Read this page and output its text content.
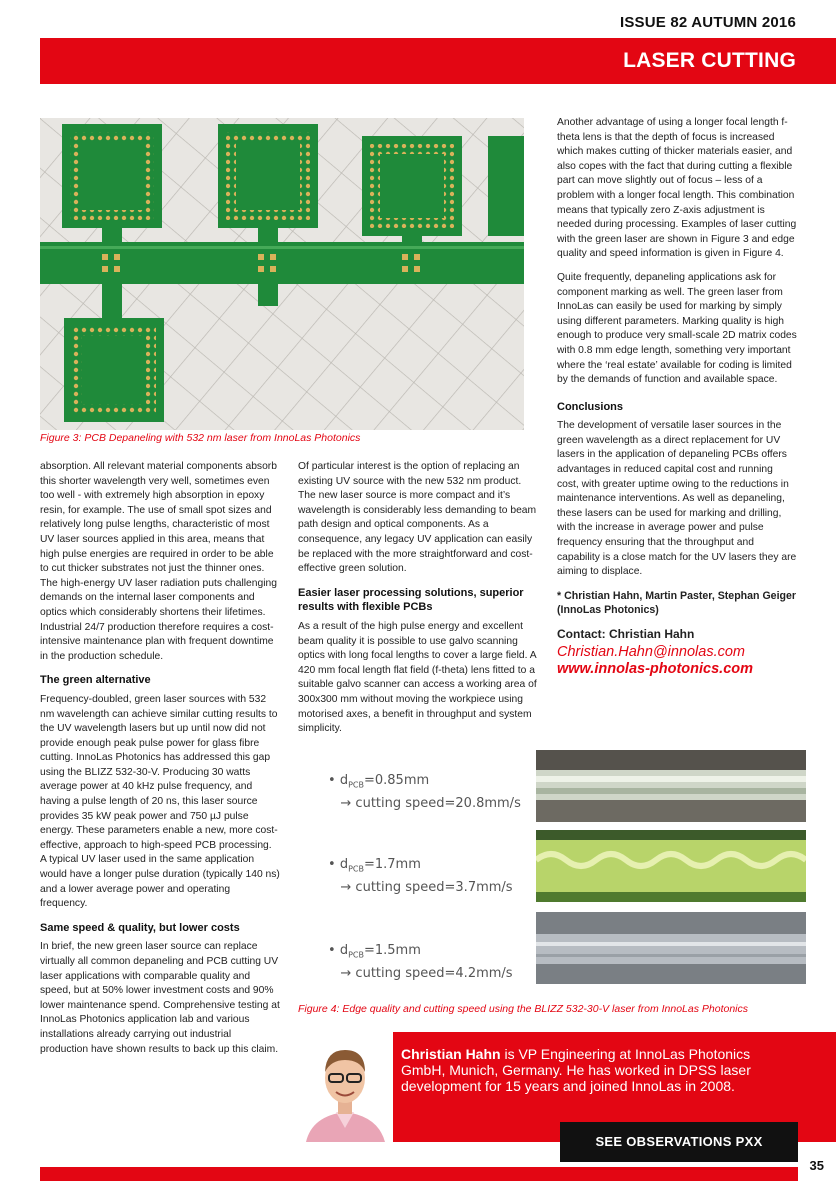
ISSUE 82 AUTUMN 2016
LASER CUTTING
Figure 3: PCB Depaneling with 532 nm laser from InnoLas Photonics

Another advantage of using a longer focal length f-theta lens is that the depth of focus is increased which makes cutting of thicker materials easier, and also copes with the fact that during cutting a flexible part can move slightly out of focus – less of a problem with a longer focal length. This combination means that typically zero Z-axis adjustment is needed during processing. Examples of laser cutting with the green laser are shown in Figure 3 and edge quality and speed information is given in Figure 4.

Quite frequently, depaneling applications ask for component marking as well. The green laser from InnoLas can easily be used for marking by simply using different parameters. Marking quality is high enough to produce very small-scale 2D matrix codes with 0.8 mm edge length, something very important where the ‘real estate’ available for coding is limited by the demands of function and available space.

Conclusions

The development of versatile laser sources in the green wavelength as a direct replacement for UV lasers in the application of depaneling PCBs offers advantages in reduced capital cost and running cost, with greater uptime owing to the reductions in maintenance interventions. As well as depaneling, these lasers can be used for marking and drilling, with the increase in average power and pulse frequency ensuring that the throughput and capability is a close match for the UV lasers they are aiming to displace.

* Christian Hahn, Martin Paster, Stephan Geiger (InnoLas Photonics)

Contact: Christian Hahn
Christian.Hahn@innolas.com
www.innolas-photonics.com

absorption. All relevant material components absorb this shorter wavelength very well, sometimes even too well - with extremely high absorption in epoxy resin, for example. The use of small spot sizes and relatively long pulse lengths, characteristic of most UV laser sources applied in this area, means that high pulse energies are required in order to be able to cut thicker substrates not just the thinner ones. The high-energy UV laser radiation puts challenging demands on the internal laser components and optics which considerably shortens their lifetimes. Industrial 24/7 production therefore requires a cost-intensive maintenance plan with frequent downtime in the production schedule.

The green alternative

Frequency-doubled, green laser sources with 532 nm wavelength can achieve similar cutting results to the UV wavelength lasers but up until now did not provide enough peak pulse power for glass fibre cutting. InnoLas Photonics has addressed this gap using the BLIZZ 532-30-V. Producing 30 watts average power at 40 kHz pulse frequency, and having a pulse length of 20 ns, this laser source provides 35 kW peak power and 750 µJ pulse energy. These parameters enable a new, more cost-effective, approach to high-speed PCB processing. A typical UV laser used in the same application would have a longer pulse duration (typically 140 ns) and a lower average power and operating frequency.

Same speed & quality, but lower costs

In brief, the new green laser source can replace virtually all common depaneling and PCB cutting UV laser applications with comparable quality and speed, but at 50% lower investment costs and 90% lower maintenance spend. Comprehensive testing at InnoLas Photonics application lab and various installations already carrying out industrial production have shown results to back up this claim.

Of particular interest is the option of replacing an existing UV source with the new 532 nm product. The new laser source is more compact and it’s wavelength is considerably less demanding to beam path design and optical components. As a consequence, any legacy UV application can easily be replaced with the more straightforward and cost-effective green solution.

Easier laser processing solutions, superior results with flexible PCBs

As a result of the high pulse energy and excellent beam quality it is possible to use galvo scanning optics with long focal lengths to cover a large field. A 420 mm focal length flat field (f-theta) lens fitted to a suitable galvo scanner can access a working area of 300x300 mm without moving the workpiece using motorised axes, a benefit in throughput and system simplicity.

• $d_{PCB}=0.85mm$
→ cutting speed=20.8mm/s
• $d_{PCB}=1.7mm$
→ cutting speed=3.7mm/s
• $d_{PCB}=1.5mm$
→ cutting speed=4.2mm/s
Figure 4: Edge quality and cutting speed using the BLIZZ 532-30-V laser from InnoLas Photonics
Christian Hahn is VP Engineering at InnoLas Photonics GmbH, Munich, Germany. He has worked in DPSS laser development for 15 years and joined InnoLas in 2008.
SEE OBSERVATIONS PXX
35
